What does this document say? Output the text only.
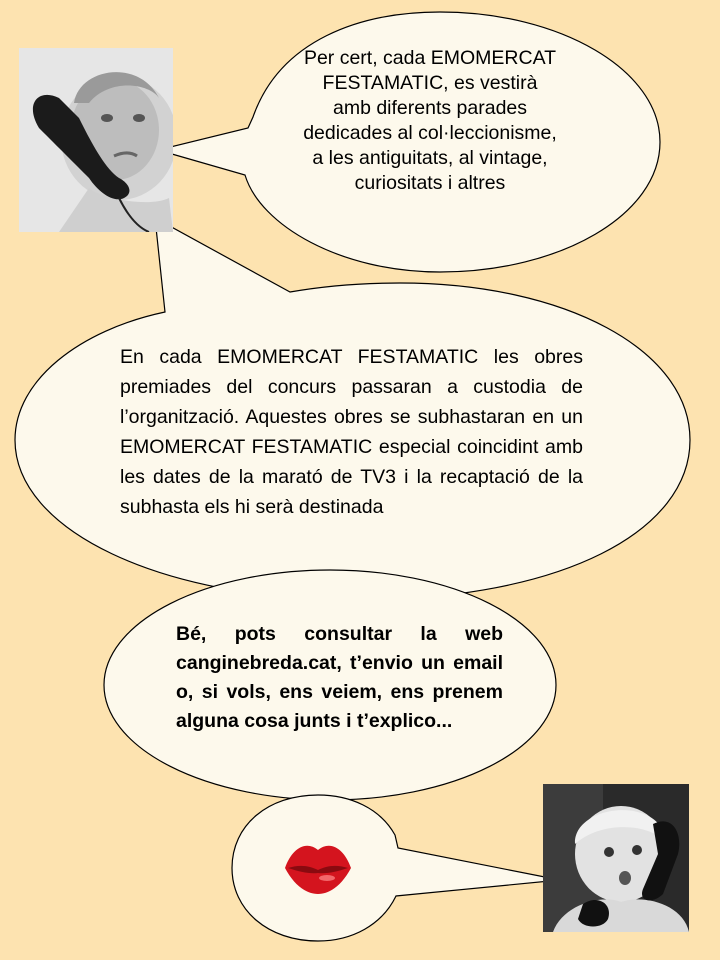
Per cert, cada EMOMERCAT
FESTAMATIC, es vestirà
amb diferents parades
dedicades al col·leccionisme,
a les antiguitats, al vintage,
curiositats i altres

En cada EMOMERCAT FESTAMATIC les obres premiades del concurs passaran a custodia de l’organització. Aquestes obres se subhastaran en un EMOMERCAT FESTAMATIC especial coincidint amb les dates de la marató de TV3 i la recaptació de la subhasta els hi serà destinada

Bé, pots consultar la web canginebreda.cat, t’envio un email o, si vols, ens veiem, ens prenem alguna cosa junts i t’explico...
